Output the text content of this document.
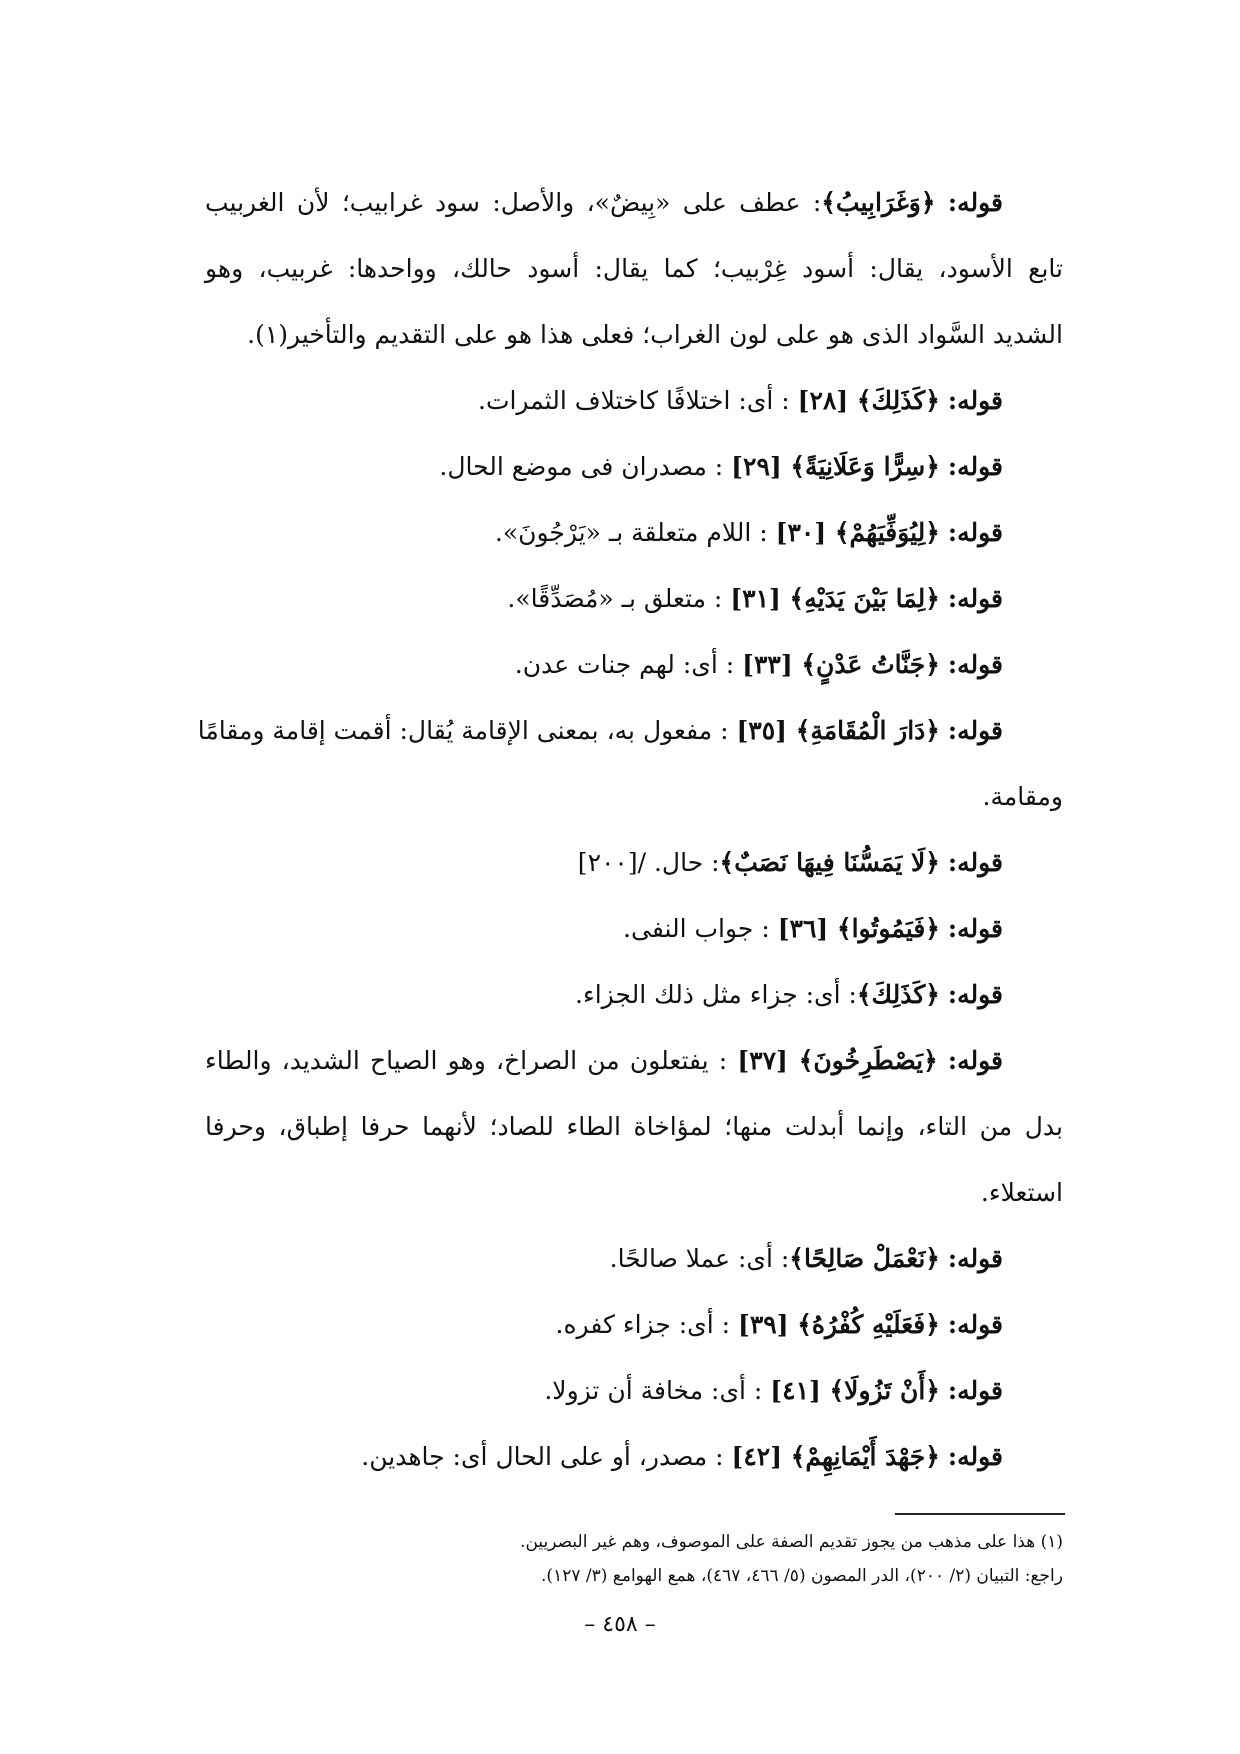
قوله: ﴿وَغَرَابِيبُ﴾: عطف على «بِيضٌ»، والأصل: سود غرابيب؛ لأن الغربيب
تابع الأسود، يقال: أسود غِرْبيب؛ كما يقال: أسود حالك، وواحدها: غربيب، وهو
الشديد السَّواد الذى هو على لون الغراب؛ فعلى هذا هو على التقديم والتأخير(١).
قوله: ﴿كَذَلِكَ﴾ [٢٨] : أى: اختلافًا كاختلاف الثمرات.
قوله: ﴿سِرًّا وَعَلَانِيَةً﴾ [٢٩] : مصدران فى موضع الحال.
قوله: ﴿لِيُوَفِّيَهُمْ﴾ [٣٠] : اللام متعلقة بـ «يَرْجُونَ».
قوله: ﴿لِمَا بَيْنَ يَدَيْهِ﴾ [٣١] : متعلق بـ «مُصَدِّقًا».
قوله: ﴿جَنَّاتُ عَدْنٍ﴾ [٣٣] : أى: لهم جنات عدن.
قوله: ﴿دَارَ الْمُقَامَةِ﴾ [٣٥] : مفعول به، بمعنى الإقامة يُقال: أقمت إقامة ومقامًا
ومقامة.
قوله: ﴿لَا يَمَسُّنَا فِيهَا نَصَبٌ﴾: حال. /[٢٠٠]
قوله: ﴿فَيَمُوتُوا﴾ [٣٦] : جواب النفى.
قوله: ﴿كَذَلِكَ﴾: أى: جزاء مثل ذلك الجزاء.
قوله: ﴿يَصْطَرِخُونَ﴾ [٣٧] : يفتعلون من الصراخ، وهو الصياح الشديد، والطاء
بدل من التاء، وإنما أبدلت منها؛ لمؤاخاة الطاء للصاد؛ لأنهما حرفا إطباق، وحرفا
استعلاء.
قوله: ﴿نَعْمَلْ صَالِحًا﴾: أى: عملا صالحًا.
قوله: ﴿فَعَلَيْهِ كُفْرُهُ﴾ [٣٩] : أى: جزاء كفره.
قوله: ﴿أَنْ تَزُولَا﴾ [٤١] : أى: مخافة أن تزولا.
قوله: ﴿جَهْدَ أَيْمَانِهِمْ﴾ [٤٢] : مصدر، أو على الحال أى: جاهدين.
(١) هذا على مذهب من يجوز تقديم الصفة على الموصوف، وهم غير البصريين.
راجع: التبيان (٢/ ٢٠٠)، الدر المصون (٥/ ٤٦٦، ٤٦٧)، همع الهوامع (٣/ ١٢٧).
– ٤٥٨ –
